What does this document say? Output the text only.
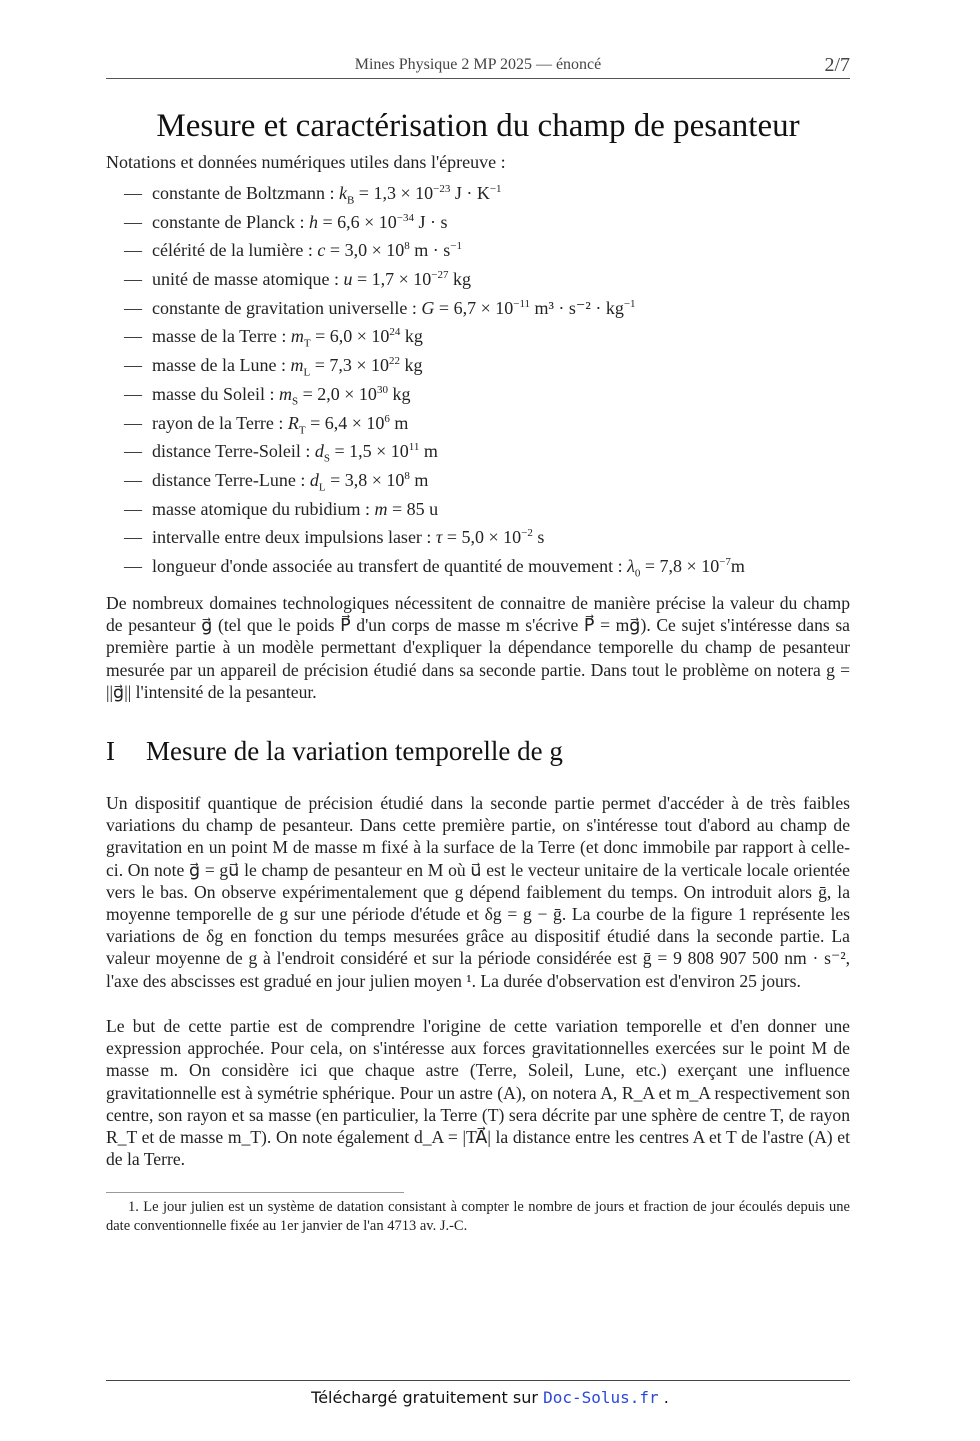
Mines Physique 2 MP 2025 — énoncé	2/7
Mesure et caractérisation du champ de pesanteur

Notations et données numériques utiles dans l'épreuve :

— constante de Boltzmann : $k_B = 1,3 \times 10^{-23}$ $J \cdot K^{-1}$
— constante de Planck : $h = 6,6 \times 10^{-34}$ J · s
— célérité de la lumière : $c = 3,0 \times 10^8$ $m \cdot s^{-1}$
— unité de masse atomique : $u = 1,7 \times 10^{-27}$ kg
— constante de gravitation universelle : $G = 6,7 \times 10^{-11}$ $m^3 \cdot s^{-2} \cdot kg^{-1}$
— masse de la Terre : $m_T = 6,0 \times 10^{24}$ kg
— masse de la Lune : $m_L = 7,3 \times 10^{22}$ kg
— masse du Soleil : $m_S = 2,0 \times 10^{30}$ kg
— rayon de la Terre : $R_T = 6,4 \times 10^6$ m
— distance Terre-Soleil : $d_S = 1,5 \times 10^{11}$ m
— distance Terre-Lune : $d_L = 3,8 \times 10^8$ m
— masse atomique du rubidium : m = 85 u
— intervalle entre deux impulsions laser : $\tau = 5,0 \times 10^{-2}$ s
— longueur d'onde associée au transfert de quantité de mouvement : $\lambda_0 = 7,8 \times 10^{-7}m$

De nombreux domaines technologiques nécessitent de connaitre de manière précise la valeur du champ de pesanteur g⃗ (tel que le poids P⃗ d'un corps de masse m s'écrive P⃗ = mg⃗). Ce sujet s'intéresse dans sa première partie à un modèle permettant d'expliquer la dépendance temporelle du champ de pesanteur mesurée par un appareil de précision étudié dans sa seconde partie. Dans tout le problème on notera g = ||g⃗|| l'intensité de la pesanteur.

I Mesure de la variation temporelle de g

Un dispositif quantique de précision étudié dans la seconde partie permet d'accéder à de très faibles variations du champ de pesanteur. Dans cette première partie, on s'intéresse tout d'abord au champ de gravitation en un point M de masse m fixé à la surface de la Terre (et donc immobile par rapport à celle-ci. On note g⃗ = gu⃗ le champ de pesanteur en M où u⃗ est le vecteur unitaire de la verticale locale orientée vers le bas. On observe expérimentalement que g dépend faiblement du temps. On introduit alors ḡ, la moyenne temporelle de g sur une période d'étude et δg = g − ḡ. La courbe de la figure 1 représente les variations de δg en fonction du temps mesurées grâce au dispositif étudié dans la seconde partie. La valeur moyenne de g à l'endroit considéré et sur la période considérée est ḡ = 9 808 907 500 nm · s⁻², l'axe des abscisses est gradué en jour julien moyen ¹. La durée d'observation est d'environ 25 jours.

Le but de cette partie est de comprendre l'origine de cette variation temporelle et d'en donner une expression approchée. Pour cela, on s'intéresse aux forces gravitationnelles exercées sur le point M de masse m. On considère ici que chaque astre (Terre, Soleil, Lune, etc.) exerçant une influence gravitationnelle est à symétrie sphérique. Pour un astre (A), on notera A, R_A et m_A respectivement son centre, son rayon et sa masse (en particulier, la Terre (T) sera décrite par une sphère de centre T, de rayon R_T et de masse m_T). On note également d_A = |TA⃗| la distance entre les centres A et T de l'astre (A) et de la Terre.

1. Le jour julien est un système de datation consistant à compter le nombre de jours et fraction de jour écoulés depuis une date conventionnelle fixée au 1er janvier de l'an 4713 av. J.-C.

Téléchargé gratuitement sur Doc-Solus.fr .
